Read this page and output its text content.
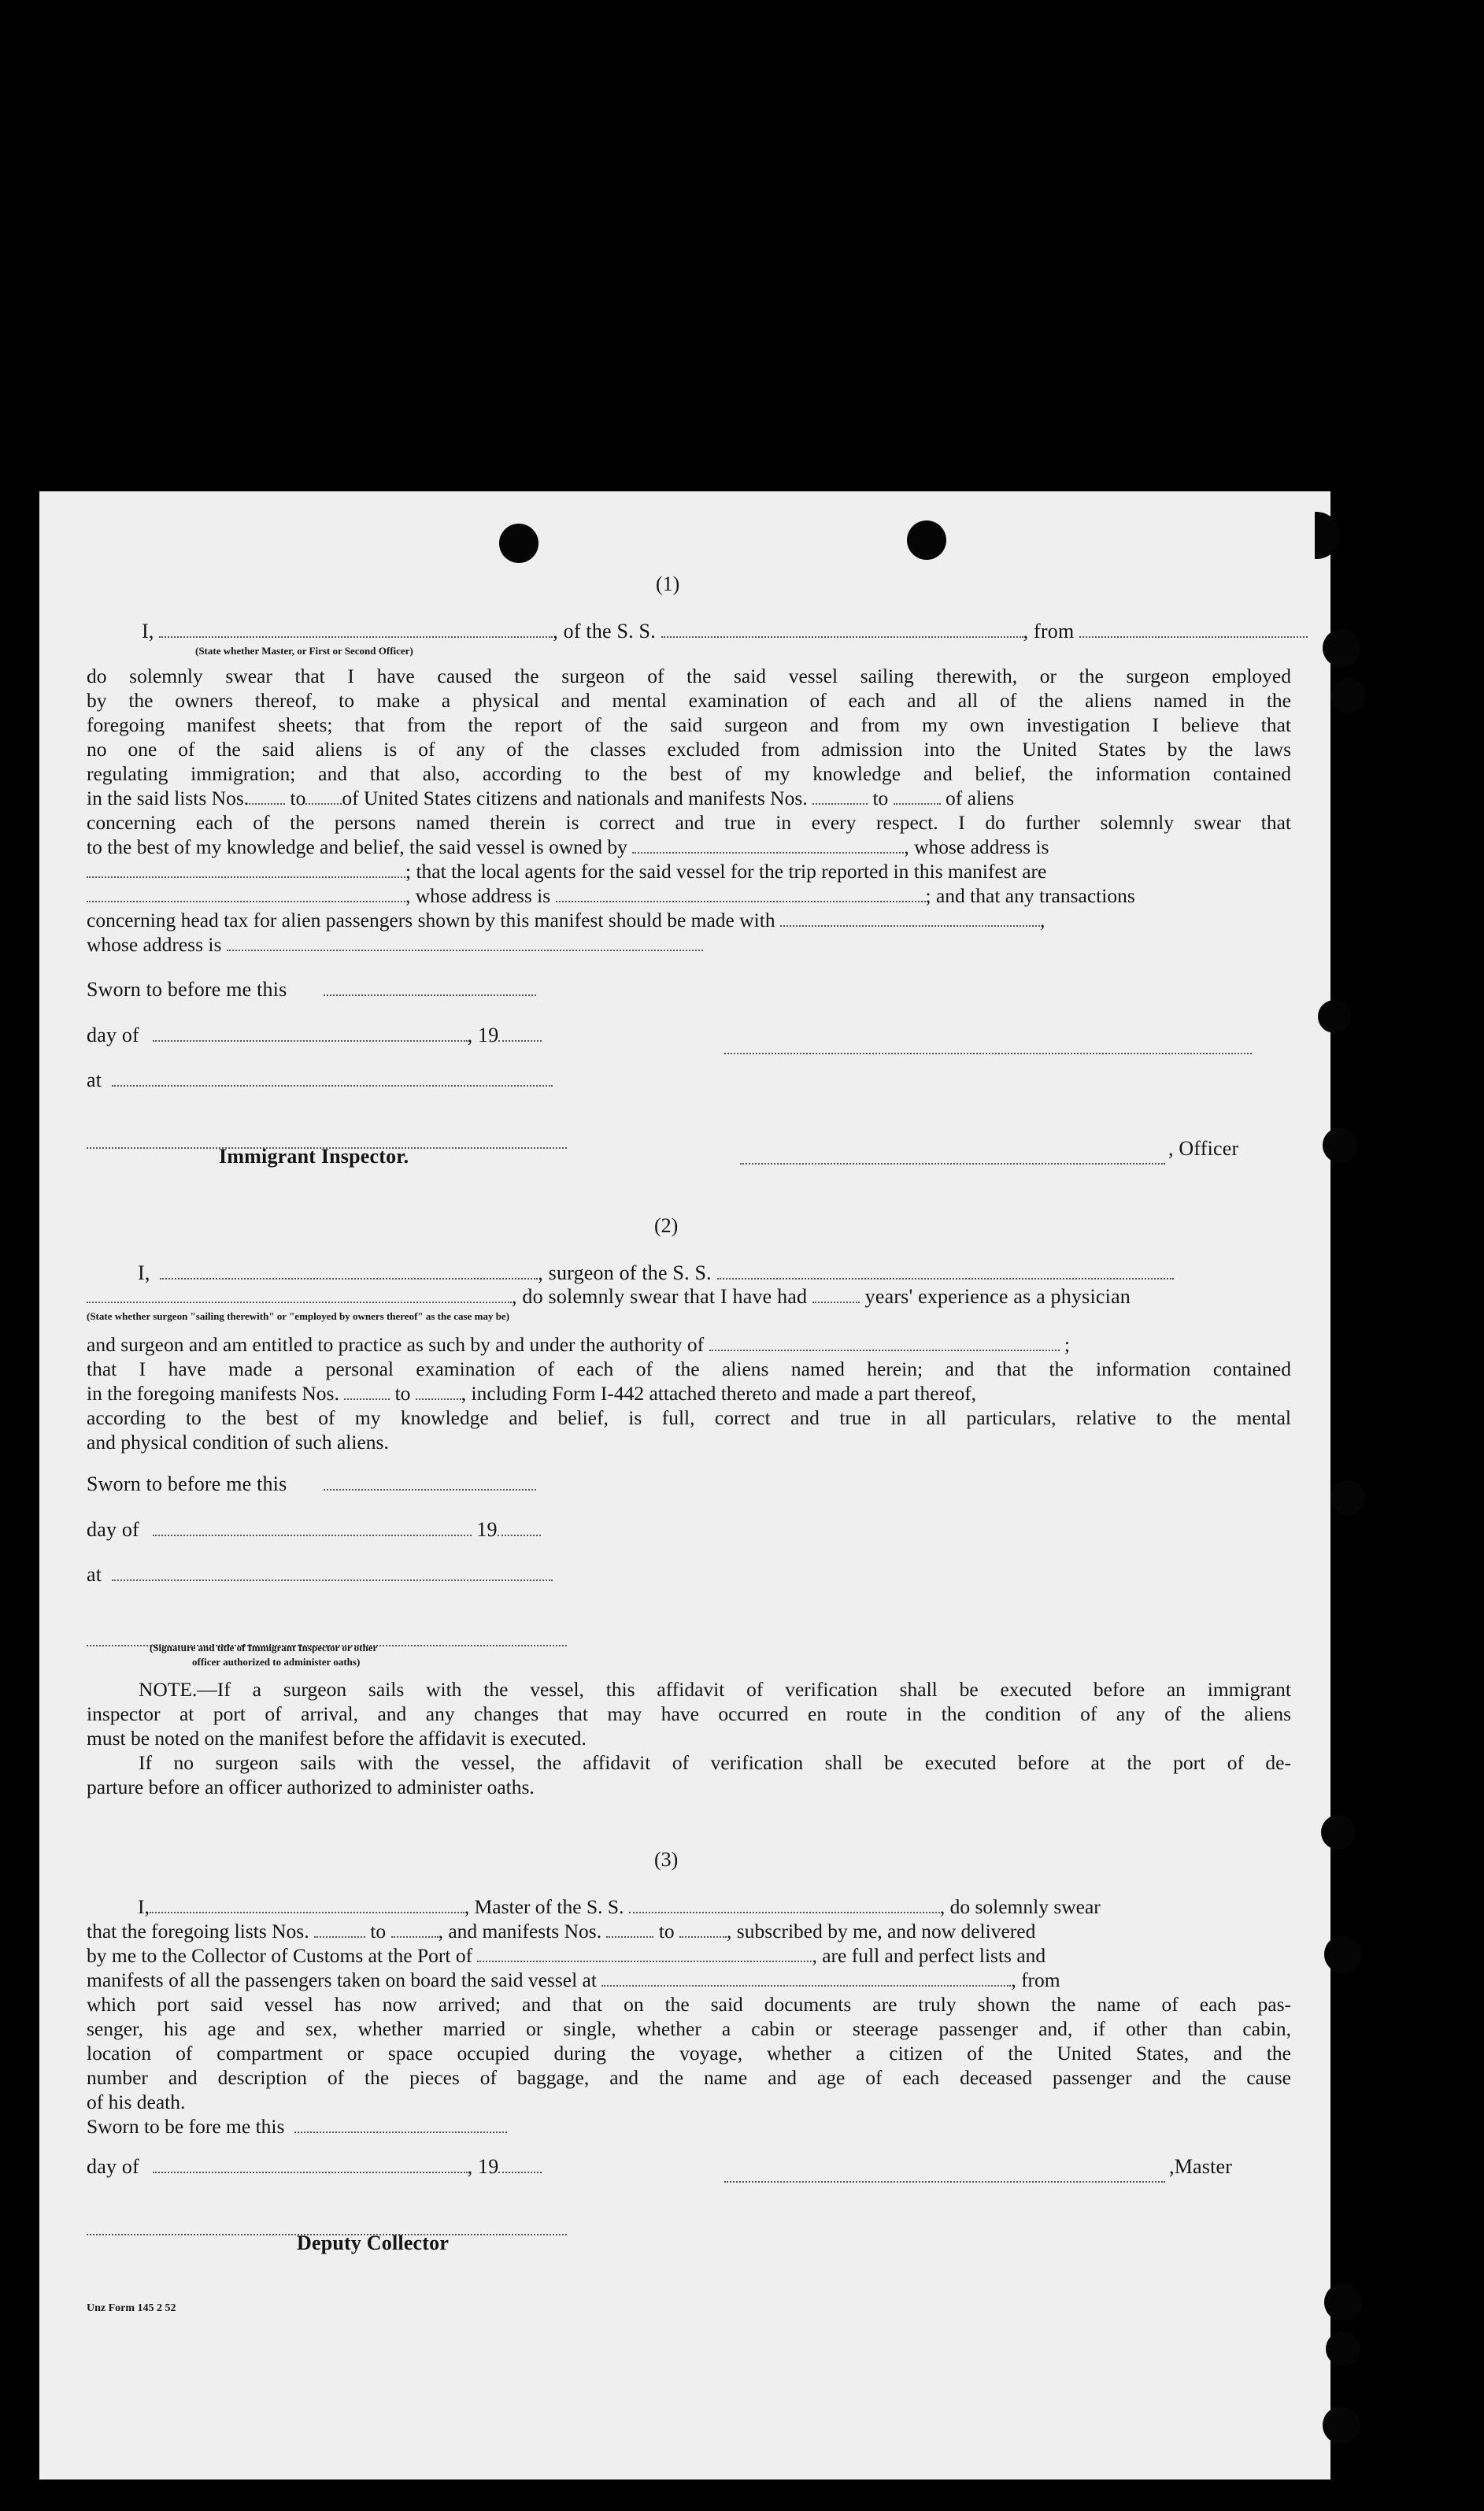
(1)
I,	, of the S. S.	, from
(State whether Master, or First or Second Officer)
do solemnly swear that I have caused the surgeon of the said vessel sailing therewith, or the surgeon employed
by the owners thereof, to make a physical and mental examination of each and all of the aliens named in the
foregoing manifest sheets; that from the report of the said surgeon and from my own investigation I believe that
no one of the said aliens is of any of the classes excluded from admission into the United States by the laws
regulating immigration; and that also, according to the best of my knowledge and belief, the information contained
in the said lists Nos. to of United States citizens and nationals and manifests Nos.	to	of aliens
concerning each of the persons named therein is correct and true in every respect. I do further solemnly swear that
to the best of my knowledge and belief, the said vessel is owned by	, whose address is
; that the local agents for the said vessel for the trip reported in this manifest are
, whose address is	; and that any transactions
concerning head tax for alien passengers shown by this manifest should be made with	,
whose address is
Sworn to before me this
day of	, 19
at
Immigrant Inspector.	, Officer
(2)
I,	, surgeon of the S. S.
, do solemnly swear that I have had	years' experience as a physician
(State whether surgeon "sailing therewith" or "employed by owners thereof" as the case may be)
and surgeon and am entitled to practice as such by and under the authority of	;
that I have made a personal examination of each of the aliens named herein; and that the information contained
in the foregoing manifests Nos.	to	, including Form I-442 attached thereto and made a part thereof,
according to the best of my knowledge and belief, is full, correct and true in all particulars, relative to the mental
and physical condition of such aliens.
Sworn to before me this
day of	19
at
(Signature and title of Immigrant Inspector or other
officer authorized to administer oaths)
NOTE.—If a surgeon sails with the vessel, this affidavit of verification shall be executed before an immigrant
inspector at port of arrival, and any changes that may have occurred en route in the condition of any of the aliens
must be noted on the manifest before the affidavit is executed.
If no surgeon sails with the vessel, the affidavit of verification shall be executed before at the port of de-
parture before an officer authorized to administer oaths.
(3)
I,	, Master of the S. S.	, do solemnly swear
that the foregoing lists Nos.	to	, and manifests Nos.	to	, subscribed by me, and now delivered
by me to the Collector of Customs at the Port of	, are full and perfect lists and
manifests of all the passengers taken on board the said vessel at	, from
which port said vessel has now arrived; and that on the said documents are truly shown the name of each pas-
senger, his age and sex, whether married or single, whether a cabin or steerage passenger and, if other than cabin,
location of compartment or space occupied during the voyage, whether a citizen of the United States, and the
number and description of the pieces of baggage, and the name and age of each deceased passenger and the cause
of his death.
Sworn to be fore me this
day of	, 19	,Master
Deputy Collector
Unz Form 145 2 52
